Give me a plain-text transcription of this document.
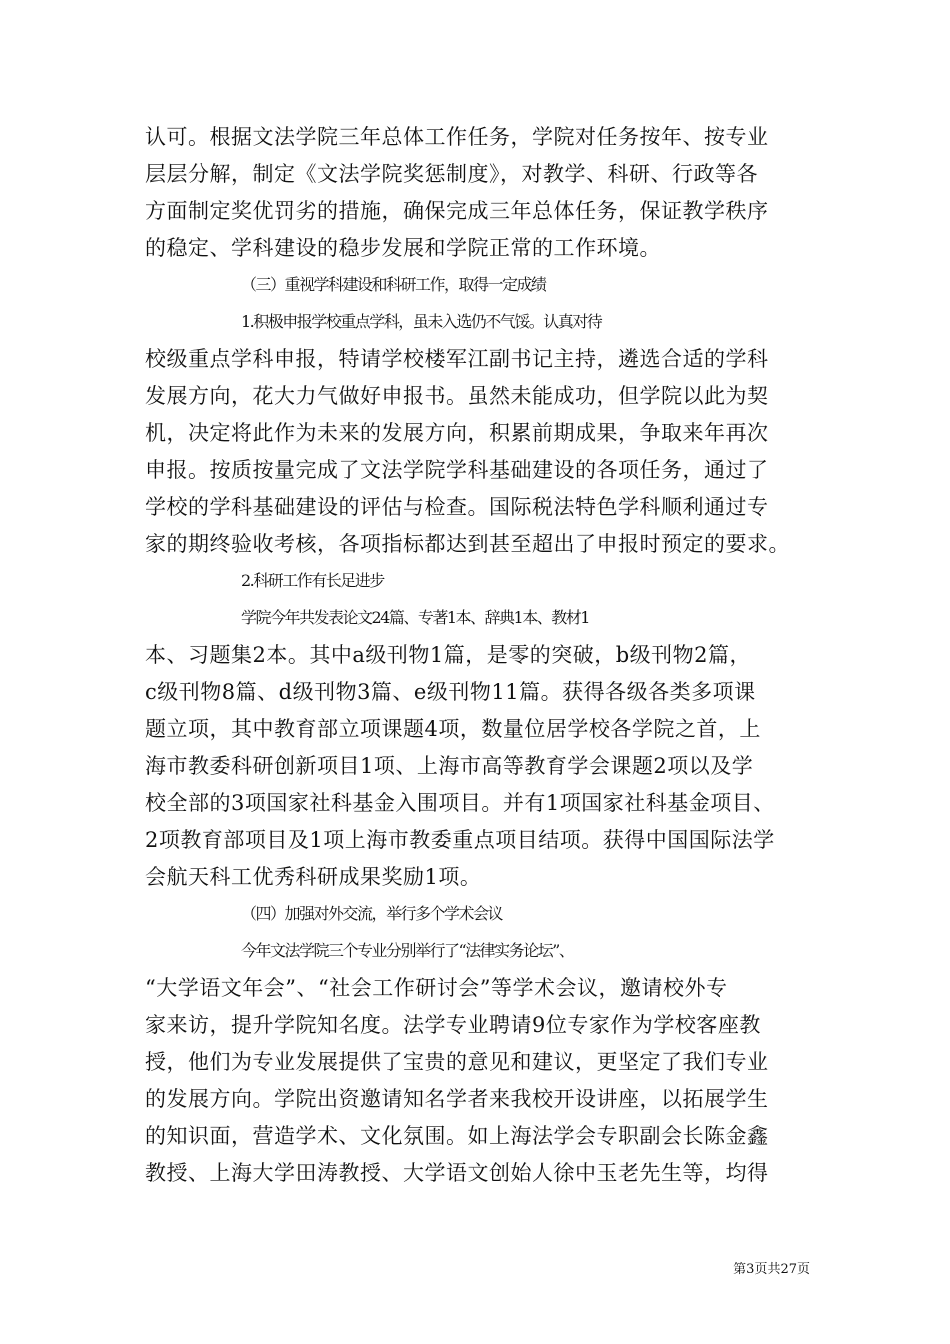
认可。根据文法学院三年总体工作任务，学院对任务按年、按专业
层层分解，制定《文法学院奖惩制度》，对教学、科研、行政等各
方面制定奖优罚劣的措施，确保完成三年总体任务，保证教学秩序
的稳定、学科建设的稳步发展和学院正常的工作环境。
（三）重视学科建设和科研工作，取得一定成绩
1.积极申报学校重点学科，虽未入选仍不气馁。认真对待
校级重点学科申报，特请学校楼军江副书记主持，遴选合适的学科
发展方向，花大力气做好申报书。虽然未能成功，但学院以此为契
机，决定将此作为未来的发展方向，积累前期成果，争取来年再次
申报。按质按量完成了文法学院学科基础建设的各项任务，通过了
学校的学科基础建设的评估与检查。国际税法特色学科顺利通过专
家的期终验收考核，各项指标都达到甚至超出了申报时预定的要求。
2.科研工作有长足进步
学院今年共发表论文24篇、专著1本、辞典1本、教材1
本、习题集2本。其中a级刊物1篇，是零的突破，b级刊物2篇，
c级刊物8篇、d级刊物3篇、e级刊物11篇。获得各级各类多项课
题立项，其中教育部立项课题4项，数量位居学校各学院之首，上
海市教委科研创新项目1项、上海市高等教育学会课题2项以及学
校全部的3项国家社科基金入围项目。并有1项国家社科基金项目、
2项教育部项目及1项上海市教委重点项目结项。获得中国国际法学
会航天科工优秀科研成果奖励1项。
（四）加强对外交流，举行多个学术会议
今年文法学院三个专业分别举行了“法律实务论坛”、
“大学语文年会”、“社会工作研讨会”等学术会议，邀请校外专
家来访，提升学院知名度。法学专业聘请9位专家作为学校客座教
授，他们为专业发展提供了宝贵的意见和建议，更坚定了我们专业
的发展方向。学院出资邀请知名学者来我校开设讲座，以拓展学生
的知识面，营造学术、文化氛围。如上海法学会专职副会长陈金鑫
教授、上海大学田涛教授、大学语文创始人徐中玉老先生等，均得
第3页共27页
